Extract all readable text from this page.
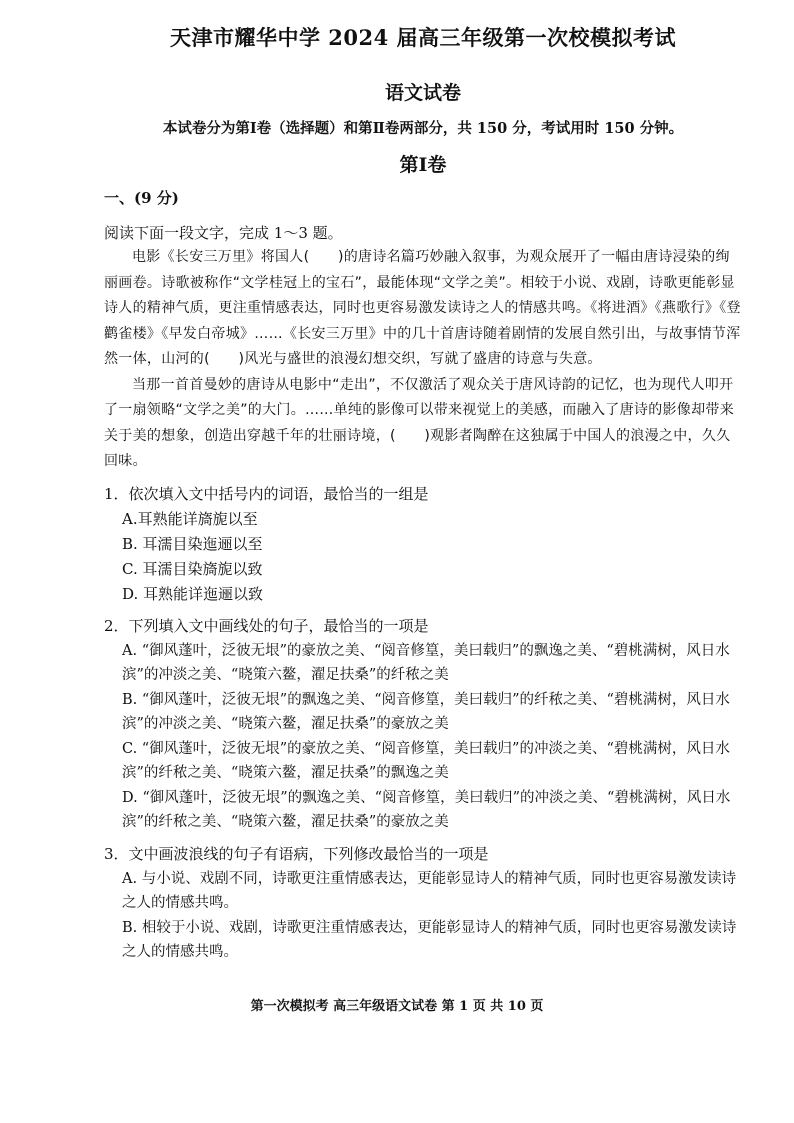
天津市耀华中学 2024 届高三年级第一次校模拟考试
语文试卷
本试卷分为第Ⅰ卷（选择题）和第Ⅱ卷两部分，共 150 分，考试用时 150 分钟。
第Ⅰ卷
一、(9 分)
阅读下面一段文字，完成 1～3 题。

电影《长安三万里》将国人(　　)的唐诗名篇巧妙融入叙事，为观众展开了一幅由唐诗浸染的绚丽画卷。诗歌被称作“文学桂冠上的宝石”，最能体现“文学之美”。相较于小说、戏剧，诗歌更能彰显诗人的精神气质，更注重情感表达，同时也更容易激发读诗之人的情感共鸣。《将进酒》《燕歌行》《登鹳雀楼》《早发白帝城》……《长安三万里》中的几十首唐诗随着剧情的发展自然引出，与故事情节浑然一体，山河的(　　)风光与盛世的浪漫幻想交织，写就了盛唐的诗意与失意。

当那一首首曼妙的唐诗从电影中“走出”，不仅激活了观众关于唐风诗韵的记忆，也为现代人叩开了一扇领略“文学之美”的大门。……单纯的影像可以带来视觉上的美感，而融入了唐诗的影像却带来关于美的想象，创造出穿越千年的壮丽诗境，(　　)观影者陶醉在这独属于中国人的浪漫之中，久久回味。

1．依次填入文中括号内的词语，最恰当的一组是

A.耳熟能详旖旎以至

B. 耳濡目染迤逦以至

C. 耳濡目染旖旎以致

D. 耳熟能详迤逦以致

2．下列填入文中画线处的句子，最恰当的一项是

A. “御风蓬叶，泛彼无垠”的豪放之美、“阅音修篁，美曰载归”的飘逸之美、“碧桃满树，风日水滨”的冲淡之美、“晓策六鳌，濯足扶桑”的纤秾之美

B. “御风蓬叶，泛彼无垠”的飘逸之美、“阅音修篁，美曰载归”的纤秾之美、“碧桃满树，风日水滨”的冲淡之美、“晓策六鳌，濯足扶桑”的豪放之美

C. “御风蓬叶，泛彼无垠”的豪放之美、“阅音修篁，美曰载归”的冲淡之美、“碧桃满树，风日水滨”的纤秾之美、“晓策六鳌，濯足扶桑”的飘逸之美

D. “御风蓬叶，泛彼无垠”的飘逸之美、“阅音修篁，美曰载归”的冲淡之美、“碧桃满树，风日水滨”的纤秾之美、“晓策六鳌，濯足扶桑”的豪放之美

3．文中画波浪线的句子有语病，下列修改最恰当的一项是

A. 与小说、戏剧不同，诗歌更注重情感表达，更能彰显诗人的精神气质，同时也更容易激发读诗之人的情感共鸣。

B. 相较于小说、戏剧，诗歌更注重情感表达，更能彰显诗人的精神气质，同时也更容易激发读诗之人的情感共鸣。

第一次模拟考 高三年级语文试卷 第 1 页 共 10 页
